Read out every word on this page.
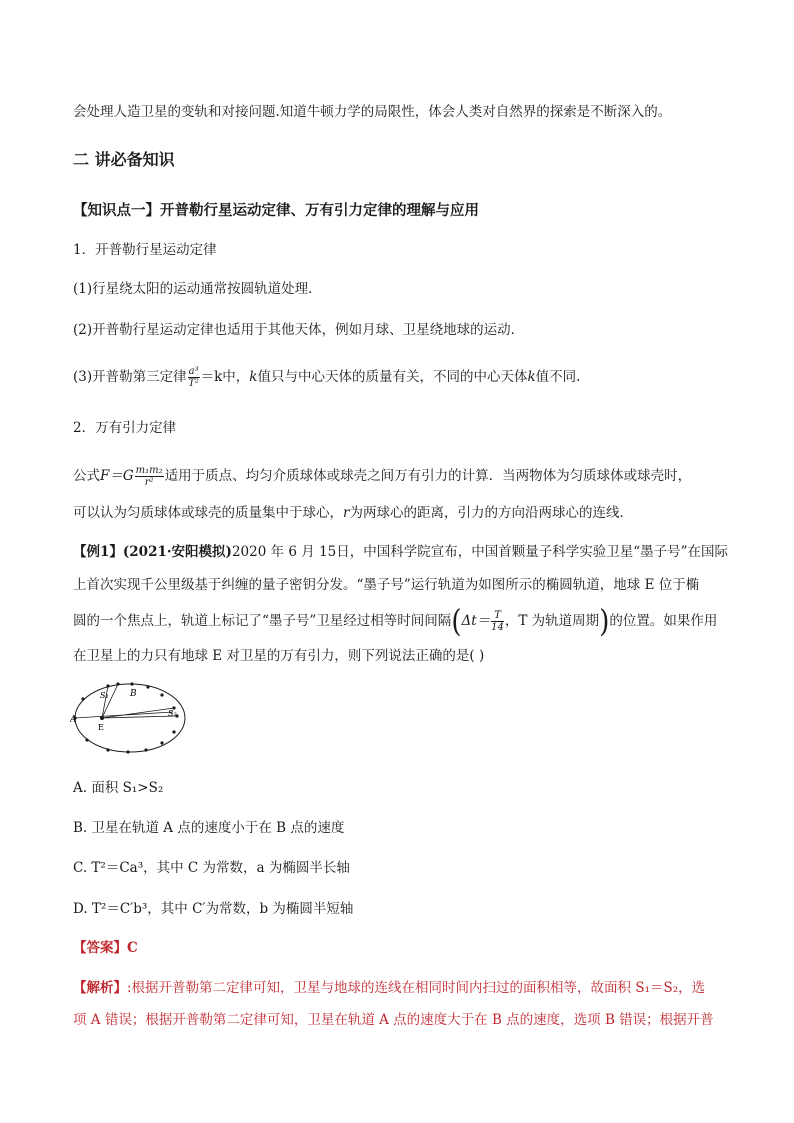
会处理人造卫星的变轨和对接问题.知道牛顿力学的局限性，体会人类对自然界的探索是不断深入的。
二 讲必备知识
【知识点一】开普勒行星运动定律、万有引力定律的理解与应用
1．开普勒行星运动定律
(1)行星绕太阳的运动通常按圆轨道处理．
(2)开普勒行星运动定律也适用于其他天体，例如月球、卫星绕地球的运动．
(3)开普勒第三定律 $\frac{\text{a³}}{\text{T²}} =k$中，k值只与中心天体的质量有关，不同的中心天体k值不同.
2．万有引力定律
公式$F=G \frac{\text{m₁m₂}}{\text{r²}}$ 适用于质点、均匀介质球体或球壳之间万有引力的计算．当两物体为匀质球体或球壳时，
可以认为匀质球体或球壳的质量集中于球心，r为两球心的距离，引力的方向沿两球心的连线．
【例1】(2021·安阳模拟)2020 年 6 月 15日，中国科学院宣布，中国首颗量子科学实验卫星“墨子号”在国际
上首次实现千公里级基于纠缠的量子密钥分发。“墨子号”运行轨道为如图所示的椭圆轨道，地球 E 位于椭
圆的一个焦点上，轨道上标记了“墨子号”卫星经过相等时间间隔($\Delta t= \frac{T}{14}$ ，T 为轨道周期)的位置。如果作用
在卫星上的力只有地球 E 对卫星的万有引力，则下列说法正确的是( )
A
B
E
S₁
S₂
A. 面积 S₁>S₂
B. 卫星在轨道 A 点的速度小于在 B 点的速度
C. T²＝Ca³，其中 C 为常数，a 为椭圆半长轴
D. T²＝C′b³，其中 C′为常数，b 为椭圆半短轴
【答案】C
【解析】:根据开普勒第二定律可知，卫星与地球的连线在相同时间内扫过的面积相等，故面积 S₁＝S₂，选
项 A 错误；根据开普勒第二定律可知，卫星在轨道 A 点的速度大于在 B 点的速度，选项 B 错误；根据开普
